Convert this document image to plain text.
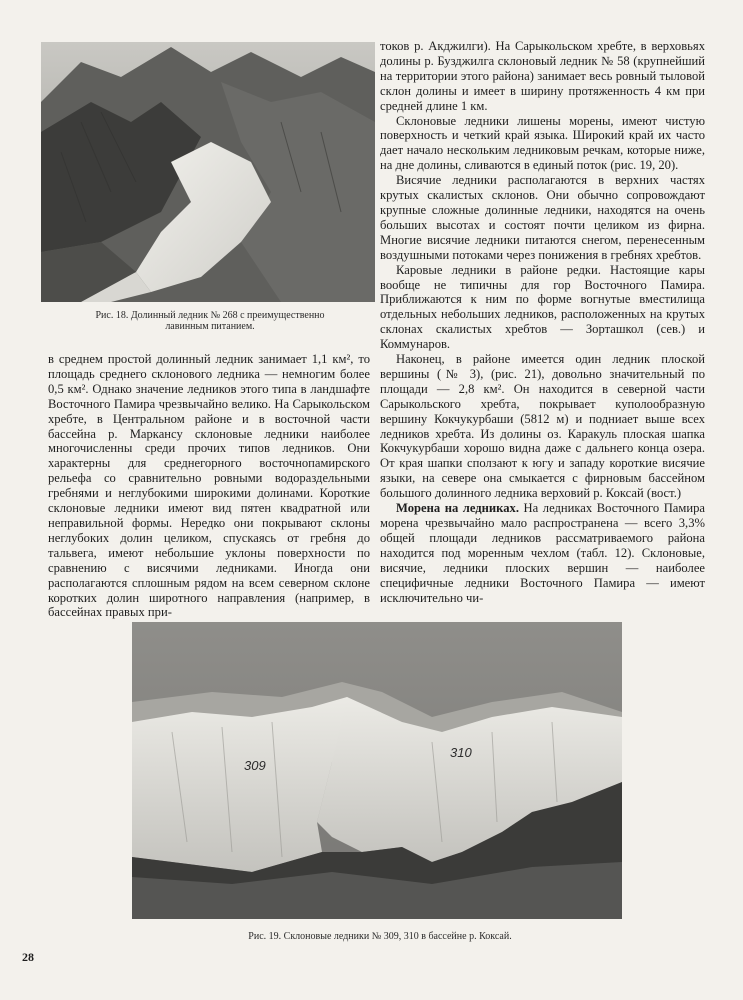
Рис. 18. Долинный ледник № 268 с преимущественно
лавинным питанием.

токов р. Акджилги). На Сарыкольском хребте, в верховьях долины р. Бузджилга склоновый ледник № 58 (крупнейший на территории этого района) занимает весь ровный тыловой склон долины и имеет в ширину протяженность 4 км при средней длине 1 км.

Склоновые ледники лишены морены, имеют чистую поверхность и четкий край языка. Широкий край их часто дает начало нескольким ледниковым речкам, которые ниже, на дне долины, сливаются в единый поток (рис. 19, 20).

Висячие ледники располагаются в верхних частях крутых скалистых склонов. Они обычно сопровождают крупные сложные долинные ледники, находятся на очень больших высотах и состоят почти целиком из фирна. Многие висячие ледники питаются снегом, перенесенным воздушными потоками через понижения в гребнях хребтов.

Каровые ледники в районе редки. Настоящие кары вообще не типичны для гор Восточного Памира. Приближаются к ним по форме вогнутые вместилища отдельных небольших ледников, расположенных на крутых склонах скалистых хребтов — Зорташкол (сев.) и Коммунаров.

Наконец, в районе имеется один ледник плоской вершины (№ 3), (рис. 21), довольно значительный по площади — 2,8 км². Он находится в северной части Сарыкольского хребта, покрывает куполообразную вершину Кокчукурбаши (5812 м) и подниает выше всех ледников хребта. Из долины оз. Каракуль плоская шапка Кокчукурбаши хорошо видна даже с дальнего конца озера. От края шапки сползают к югу и западу короткие висячие языки, на севере она смыкается с фирновым бассейном большого долинного ледника верховий р. Коксай (вост.)

Морена на ледниках. На ледниках Восточного Памира морена чрезвычайно мало распространена — всего 3,3% общей площади ледников рассматриваемого района находится под моренным чехлом (табл. 12). Склоновые, висячие, ледники плоских вершин — наиболее специфичные ледники Восточного Памира — имеют исключительно чи-

в среднем простой долинный ледник занимает 1,1 км², то площадь среднего склонового ледника — немногим более 0,5 км². Однако значение ледников этого типа в ландшафте Восточного Памира чрезвычайно велико. На Сарыкольском хребте, в Центральном районе и в восточной части бассейна р. Маркансу склоновые ледники наиболее многочисленны среди прочих типов ледников. Они характерны для среднегорного восточнопамирского рельефа со сравнительно ровными водораздельными гребнями и неглубокими широкими долинами. Короткие склоновые ледники имеют вид пятен квадратной или неправильной формы. Нередко они покрывают склоны неглубоких долин целиком, спускаясь от гребня до тальвега, имеют небольшие уклоны поверхности по сравнению с висячими ледниками. Иногда они располагаются сплошным рядом на всем северном склоне коротких долин широтного направления (например, в бассейнах правых при-

309
310
Рис. 19. Склоновые ледники № 309, 310 в бассейне р. Коксай.
28
